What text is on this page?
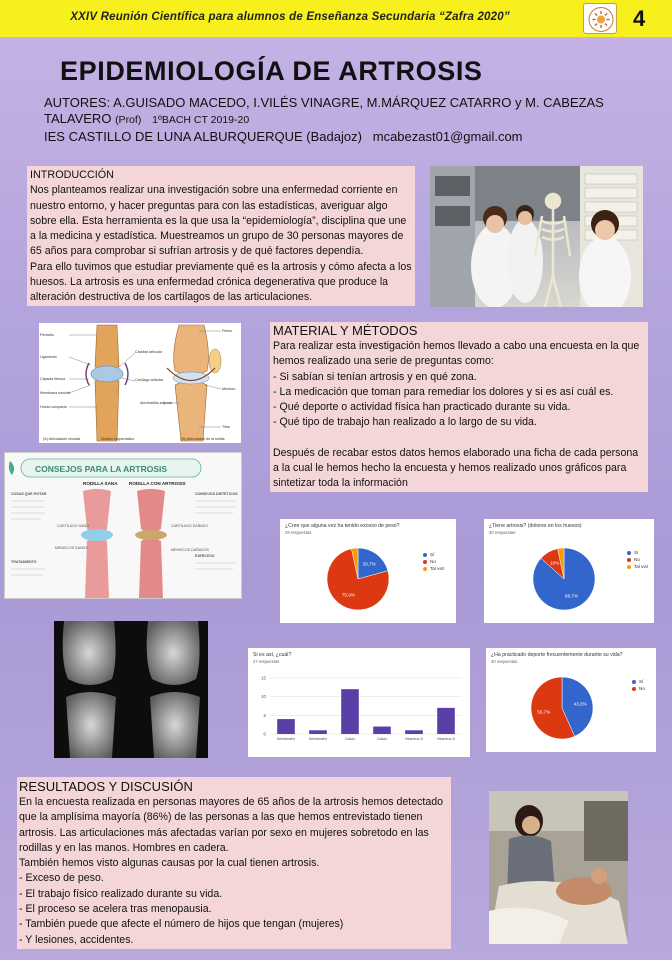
XXIV Reunión Científica para alumnos de Enseñanza Secundaria “Zafra 2020”	4
EPIDEMIOLOGÍA DE ARTROSIS
AUTORES: A.GUISADO MACEDO, I.VILÉS VINAGRE, M.MÁRQUEZ CATARRO y M. CABEZAS
TALAVERO (Prof) 1ºBACH CT 2019-20
IES CASTILLO DE LUNA ALBURQUERQUE (Badajoz) mcabezast01@gmail.com
INTRODUCCIÓN
Nos planteamos realizar una investigación sobre una enfermedad corriente en nuestro entorno, y hacer preguntas para con las estadísticas, averiguar algo sobre ella. Esta herramienta es la que usa la “epidemiología”, disciplina que une a la medicina y estadística. Muestreamos un grupo de 30 personas mayores de 65 años para comprobar si sufrían artrosis y de qué factores dependía.
Para ello tuvimos que estudiar previamente qué es la artrosis y cómo afecta a los huesos. La artrosis es una enfermedad crónica degenerativa que produce la alteración destructiva de los cartílagos de las articulaciones.
Periostio
Ligamento
Cápsula fibrosa
Membrana sinovial
Hueso compacto
Cavidad articular
Cartílago articular
Menisco
Almohadilla adiposa
Fémur
Tibia
(A) Articulación sinovial	Modelo esquemático	(B) Articulación de la rodilla
CONSEJOS PARA LA ARTROSIS
RODILLA SANA RODILLA CON ARTROSIS
COSAS QUE EVITAR
TRATAMIENTO
CONSEJOS DIETÉTICOS
EJERCICIO
CARTÍLAGO SANO	CARTÍLAGO DAÑADO
MENISCOS SANOS	MENISCOS DAÑADOS
MATERIAL Y MÉTODOS
Para realizar esta investigación hemos llevado a cabo una encuesta en la que hemos realizado una serie de preguntas como:
- Si sabían si tenían artrosis y en qué zona.
- La medicación que toman para remediar los dolores y si es así cuál es.
- Qué deporte o actividad física han practicado durante su vida.
- Qué tipo de trabajo han realizado a lo largo de su vida.
Después de recabar estos datos hemos elaborado una ficha de cada persona a la cual le hemos hecho la encuesta y hemos realizado unos gráficos para sintetizar toda la información
¿Cree que alguna vez ha tenido exceso de peso?
29 respuestas
20,7%
75,9%
Sí
No
Tal vez
¿Tiene artrosis? (dolores en los huesos)
30 respuestas
86,7%
10%
Sí
No
Tal vez
Si es así, ¿cuál?
27 respuestas
0
5
10
15
Ibihotmalin	Ibihotmalin	Calcio	Calcio	Vitamina D	Vitamina D
¿Ha practicado deporte frecuentemente durante su vida?
30 respuestas
43,3%
56,7%
Sí
No
RESULTADOS Y DISCUSIÓN
En la encuesta realizada en personas mayores de 65 años de la artrosis hemos detectado que la amplísima mayoría (86%) de las personas a las que hemos entrevistado tienen artrosis. Las articulaciones más afectadas varían por sexo en mujeres sobretodo en las rodillas y en las manos. Hombres en cadera.
También hemos visto algunas causas por la cual tienen artrosis.
- Exceso de peso.
- El trabajo físico realizado durante su vida.
- El proceso se acelera tras menopausia.
- También puede que afecte el número de hijos que tengan (mujeres)
- Y lesiones, accidentes.
